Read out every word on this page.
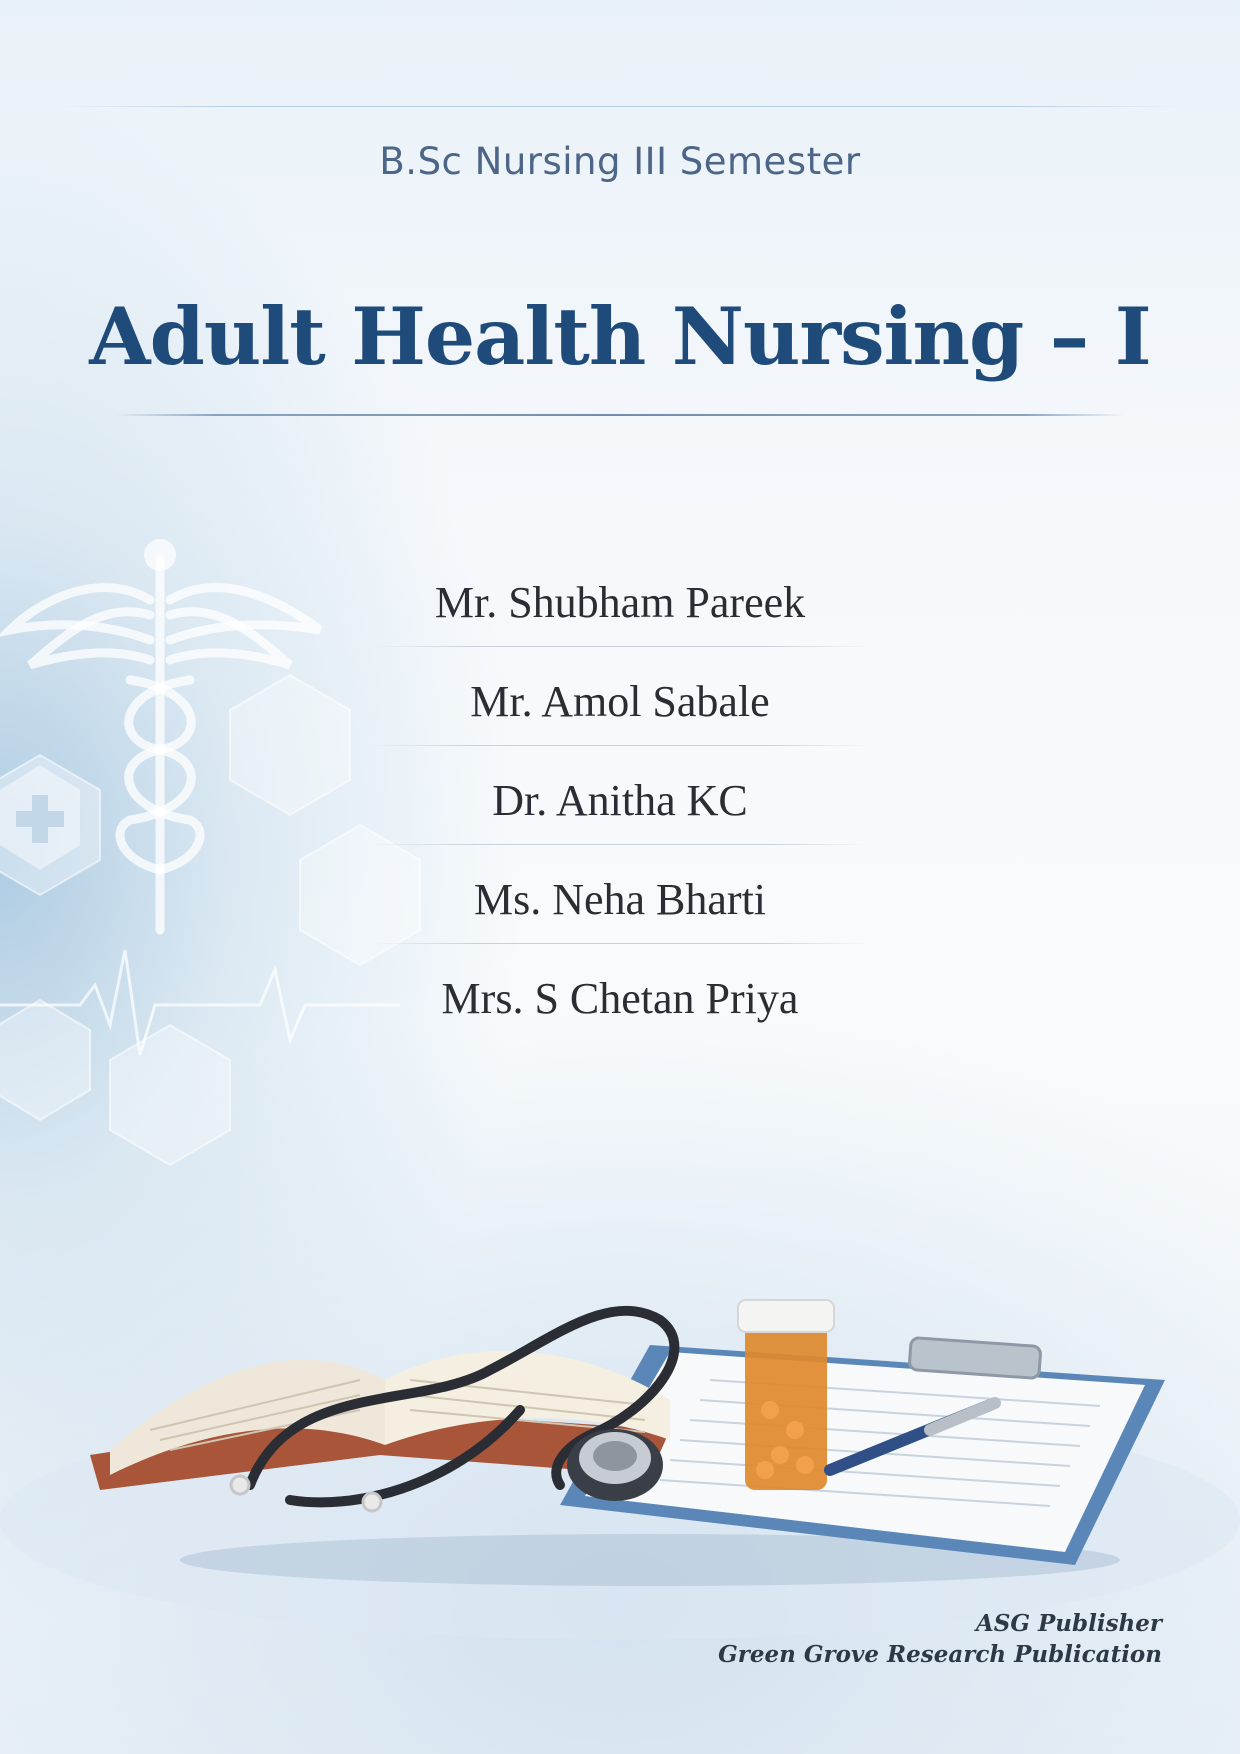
B.Sc Nursing III Semester
Adult Health Nursing – I
Mr. Shubham Pareek
Mr. Amol Sabale
Dr. Anitha KC
Ms. Neha Bharti
Mrs. S Chetan Priya
ASG Publisher
Green Grove Research Publication
